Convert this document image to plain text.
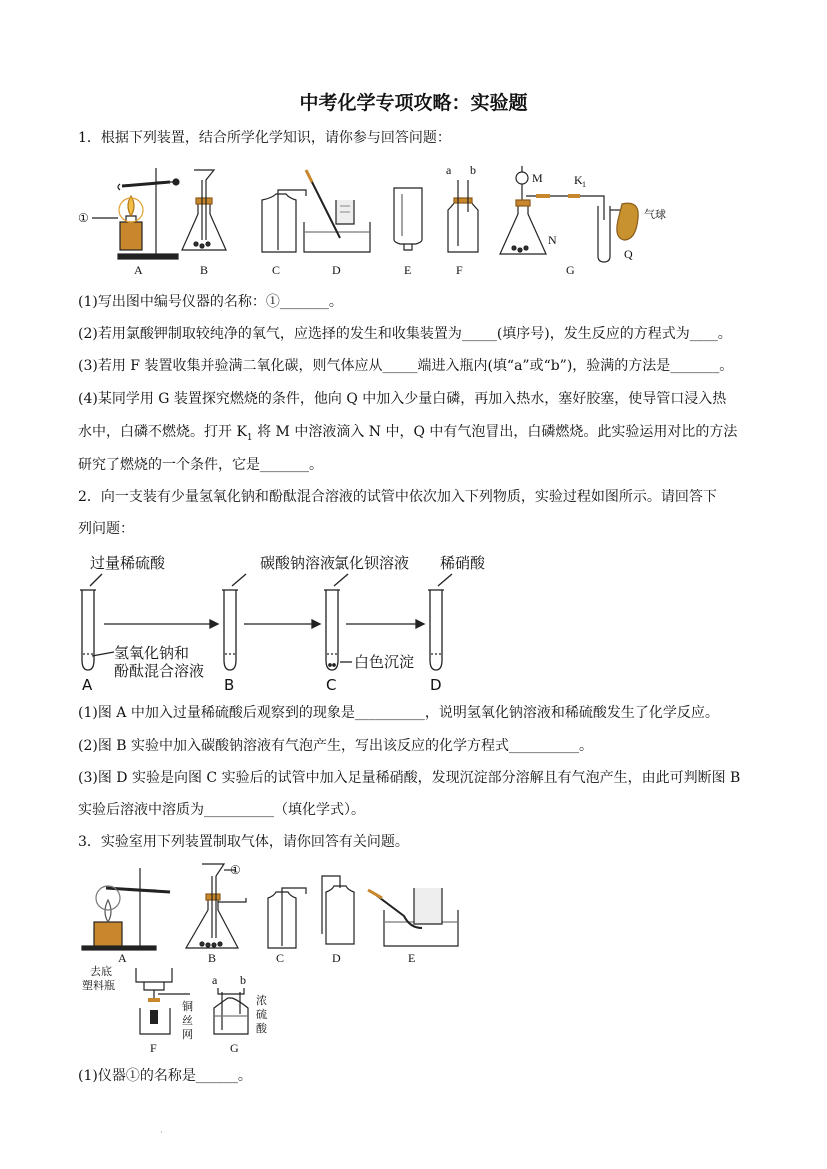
中考化学专项攻略：实验题
1．根据下列装置，结合所学化学知识，请你参与回答问题：
①
a b
M
N
K 1
Q
气球
A	B	C	D	E	F	G
(1)写出图中编号仪器的名称：①_______。
(2)若用氯酸钾制取较纯净的氧气，应选择的发生和收集装置为_____(填序号)，发生反应的方程式为____。
(3)若用 F 装置收集并验满二氧化碳，则气体应从_____端进入瓶内(填“a”或“b”)，验满的方法是_______。
(4)某同学用 G 装置探究燃烧的条件，他向 Q 中加入少量白磷，再加入热水，塞好胶塞，使导管口浸入热
水中，白磷不燃烧。打开 $K_1$ 将 M 中溶液滴入 N 中，Q 中有气泡冒出，白磷燃烧。此实验运用对比的方法
研究了燃烧的一个条件，它是_______。
2．向一支装有少量氢氧化钠和酚酞混合溶液的试管中依次加入下列物质，实验过程如图所示。请回答下
列问题：
过量稀硫酸	碳酸钠溶液
氯化钡溶液 稀硝酸
氢氧化钠和
酚酞混合溶液	白色沉淀
A	B	C	D
(1)图 A 中加入过量稀硫酸后观察到的现象是__________，说明氢氧化钠溶液和稀硫酸发生了化学反应。
(2)图 B 实验中加入碳酸钠溶液有气泡产生，写出该反应的化学方程式__________。
(3)图 D 实验是向图 C 实验后的试管中加入足量稀硝酸，发现沉淀部分溶解且有气泡产生，由此可判断图 B
实验后溶液中溶质为__________（填化学式）。
3．实验室用下列装置制取气体，请你回答有关问题。
①
a b
A	B	C	D	E
去底
塑料瓶
铜
丝
网
浓
硫
酸
F	G
(1)仪器①的名称是______。
·
